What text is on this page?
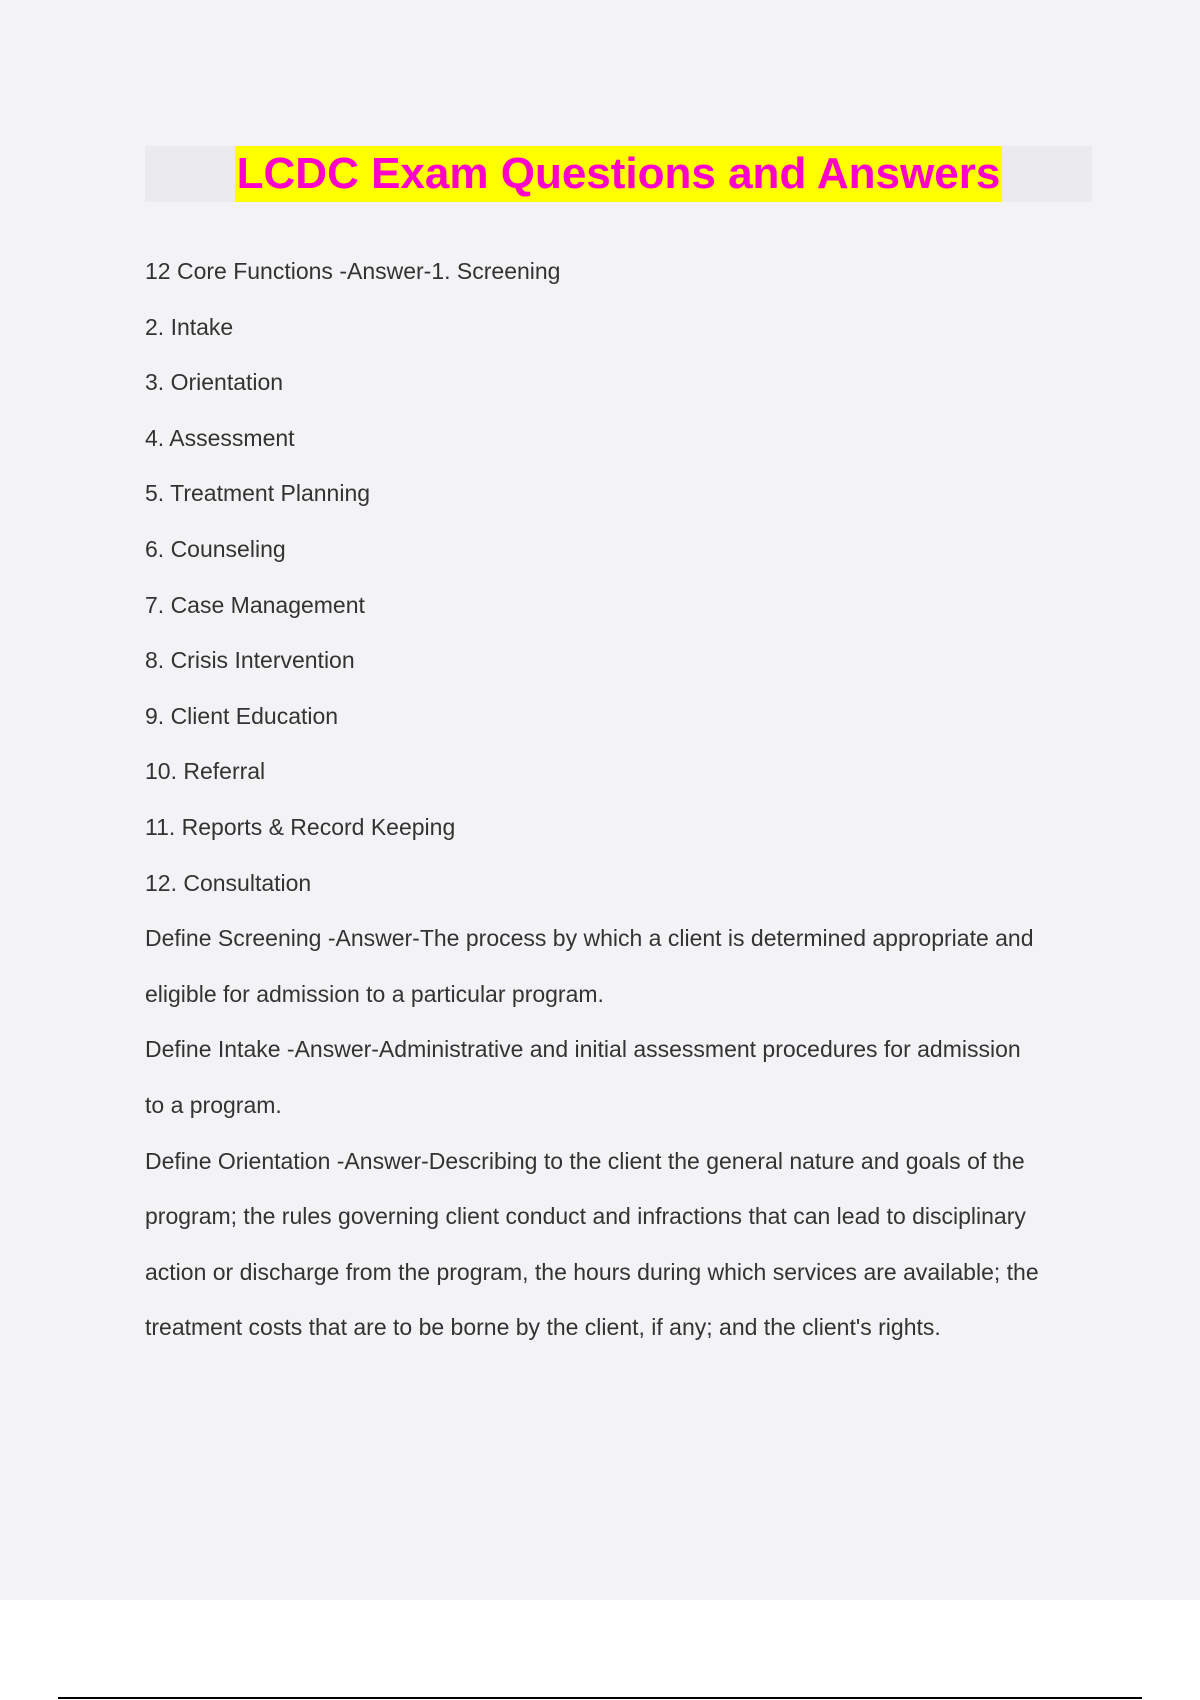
LCDC Exam Questions and Answers

12 Core Functions -Answer-1. Screening

2. Intake

3. Orientation

4. Assessment

5. Treatment Planning

6. Counseling

7. Case Management

8. Crisis Intervention

9. Client Education

10. Referral

11. Reports & Record Keeping

12. Consultation

Define Screening -Answer-The process by which a client is determined appropriate and

eligible for admission to a particular program.

Define Intake -Answer-Administrative and initial assessment procedures for admission

to a program.

Define Orientation -Answer-Describing to the client the general nature and goals of the

program; the rules governing client conduct and infractions that can lead to disciplinary

action or discharge from the program, the hours during which services are available; the

treatment costs that are to be borne by the client, if any; and the client's rights.
